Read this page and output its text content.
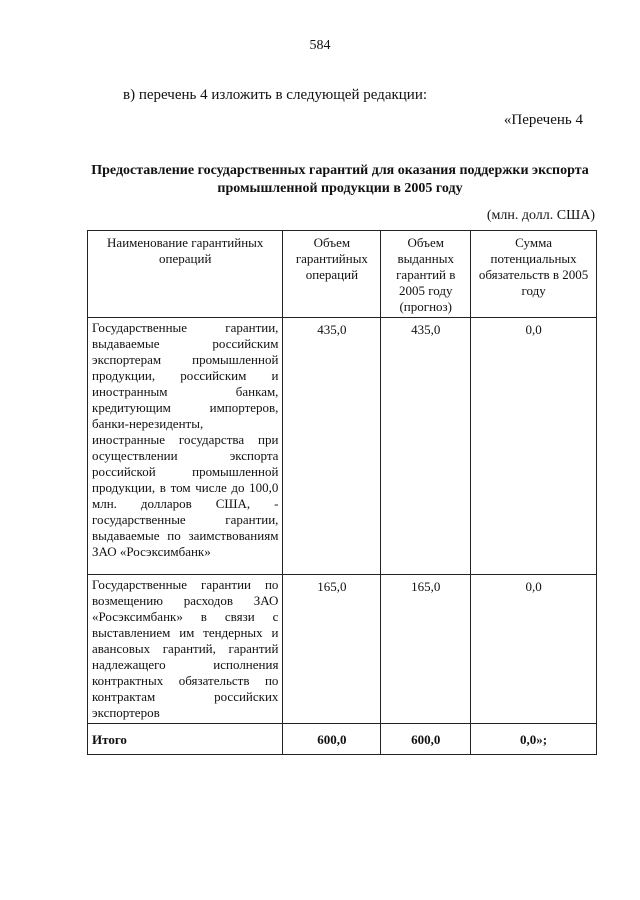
584
в) перечень 4 изложить в следующей редакции:
«Перечень 4
Предоставление государственных гарантий для оказания поддержки экспорта
промышленной продукции в 2005 году
(млн. долл. США)
Наименование гарантийных операций	Объем гарантийных операций	Объем выданных гарантий в 2005 году (прогноз)	Сумма потенциальных обязательств в 2005 году
Государственные гарантии, выдаваемые российским экспортерам промышленной продукции, российским и иностранным банкам, кредитующим импортеров, банки-нерезиденты, иностранные государства при осуществлении экспорта российской промышленной продукции, в том числе до 100,0 млн. долларов США, - государственные гарантии, выдаваемые по заимствованиям ЗАО «Росэксимбанк»	435,0	435,0	0,0
Государственные гарантии по возмещению расходов ЗАО «Росэксимбанк» в связи с выставлением им тендерных и авансовых гарантий, гарантий надлежащего исполнения контрактных обязательств по контрактам российских экспортеров	165,0	165,0	0,0
Итого	600,0	600,0	0,0»;
